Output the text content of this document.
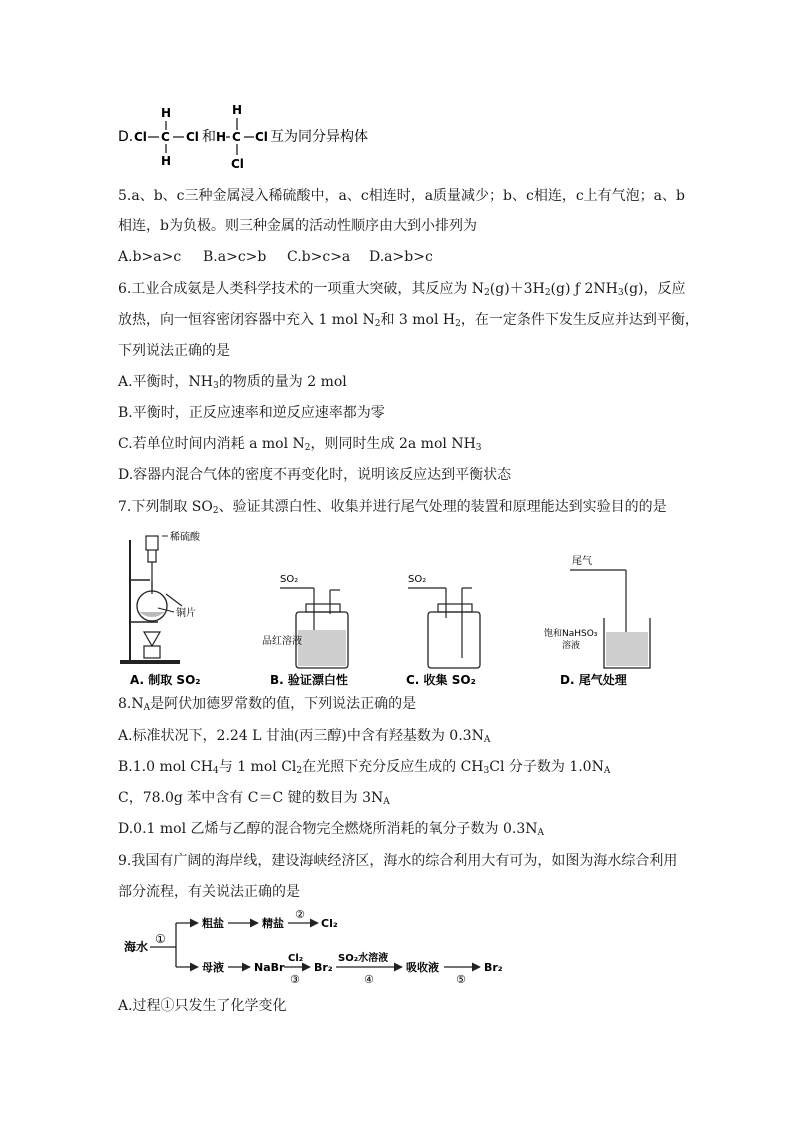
D.
H
Cl C Cl
H
和
H
H C Cl
Cl
互为同分异构体
5.a、b、c三种金属浸入稀硫酸中，a、c相连时，a质量减少；b、c相连，c上有气泡；a、b
相连，b为负极。则三种金属的活动性顺序由大到小排列为
A.b>a>c B.a>c>b C.b>c>a D.a>b>c
6.工业合成氨是人类科学技术的一项重大突破，其反应为 $N_2(g)+3H_2(g)$ ƒ $2NH_3(g)$，反应
放热，向一恒容密闭容器中充入 1 mol $N_2$和 3 mol $H_2$，在一定条件下发生反应并达到平衡，
下列说法正确的是
A.平衡时，$NH_3$的物质的量为 2 mol
B.平衡时，正反应速率和逆反应速率都为零
C.若单位时间内消耗 a mol $N_2$，则同时生成 2a mol $NH_3$
D.容器内混合气体的密度不再变化时，说明该反应达到平衡状态
7.下列制取 $SO_2$、验证其漂白性、收集并进行尾气处理的装置和原理能达到实验目的的是
稀硫酸
铜片
A. 制取 SO₂
SO₂
品红溶液
B. 验证漂白性
SO₂
C. 收集 SO₂
尾气
饱和NaHSO₃
溶液
D. 尾气处理
$8.N_A$是阿伏加德罗常数的值，下列说法正确的是
A.标准状况下，2.24 L 甘油(丙三醇)中含有羟基数为 $0.3N_A$
B.1.0 mol $CH_4$与 1 mol $Cl_2$在光照下充分反应生成的 $CH_3Cl$ 分子数为 $1.0N_A$
C，78.0g 苯中含有 C＝C 键的数目为 $3N_A$
D.0.1 mol 乙烯与乙醇的混合物完全燃烧所消耗的氧分子数为 $0.3N_A$
9.我国有广阔的海岸线，建设海峡经济区，海水的综合利用大有可为，如图为海水综合利用
部分流程，有关说法正确的是
海水
①
粗盐	精盐
②
Cl₂
母液	NaBr
Cl₂
③
Br₂
SO₂水溶液
④
吸收液
⑤
Br₂
A.过程①只发生了化学变化
